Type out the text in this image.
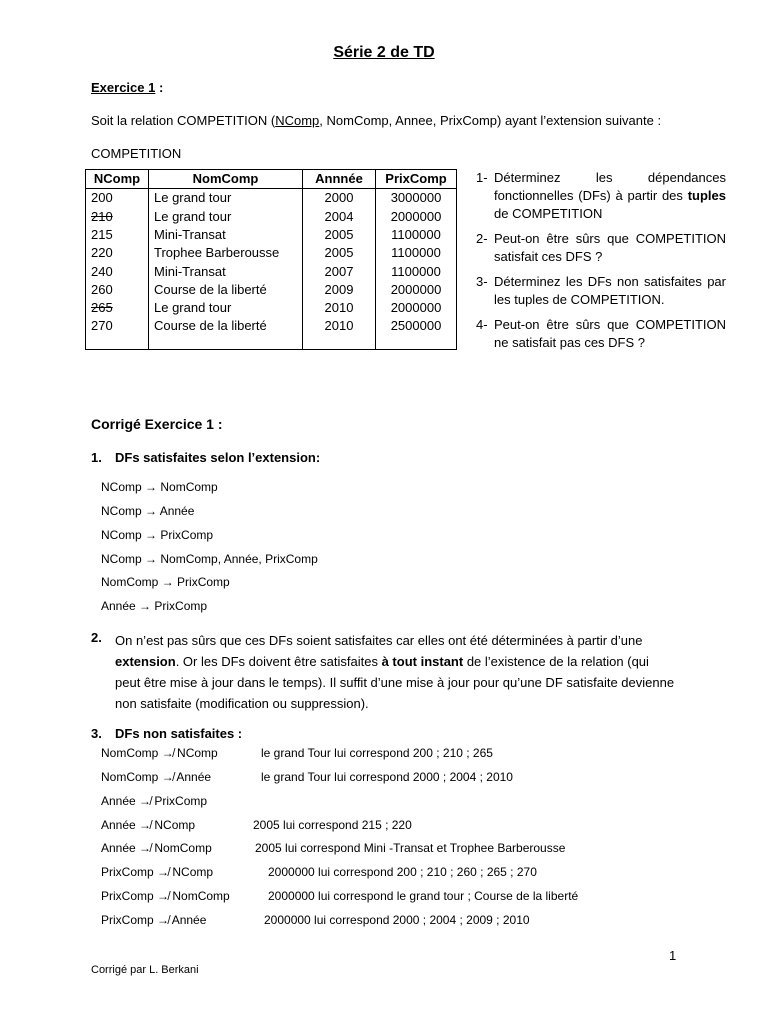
Série 2 de TD
Exercice 1 :
Soit la relation COMPETITION (NComp, NomComp, Annee, PrixComp) ayant l’extension suivante :
COMPETITION
NComp	NomComp	Annnée	PrixComp
200	Le grand tour	2000	3000000
210	Le grand tour	2004	2000000
215	Mini-Transat	2005	1100000
220	Trophee Barberousse	2005	1100000
240	Mini-Transat	2007	1100000
260	Course de la liberté	2009	2000000
265	Le grand tour	2010	2000000
270	Course de la liberté	2010	2500000
1- Déterminez les dépendances fonctionnelles (DFs) à partir des tuples de COMPETITION
2- Peut-on être sûrs que COMPETITION satisfait ces DFS ?
3- Déterminez les DFs non satisfaites par les tuples de COMPETITION.
4- Peut-on être sûrs que COMPETITION ne satisfait pas ces DFS ?
Corrigé Exercice 1 :
1. DFs satisfaites selon l’extension:
NComp → NomComp
NComp → Année
NComp → PrixComp
NComp → NomComp, Année, PrixComp
NomComp → PrixComp
Année → PrixComp
2. On n’est pas sûrs que ces DFs soient satisfaites car elles ont été déterminées à partir d’une extension. Or les DFs doivent être satisfaites à tout instant de l’existence de la relation (qui peut être mise à jour dans le temps). Il suffit d’une mise à jour pour qu’une DF satisfaite devienne non satisfaite (modification ou suppression).
3. DFs non satisfaites :
NomComp ↛ NComp	le grand Tour lui correspond 200 ; 210 ; 265
NomComp ↛ Année	le grand Tour lui correspond 2000 ; 2004 ; 2010
Année ↛ PrixComp
Année ↛ NComp	2005 lui correspond 215 ; 220
Année ↛ NomComp	2005 lui correspond Mini -Transat et Trophee Barberousse
PrixComp ↛ NComp	2000000 lui correspond 200 ; 210 ; 260 ; 265 ; 270
PrixComp ↛ NomComp	2000000 lui correspond le grand tour ; Course de la liberté
PrixComp ↛ Année	2000000 lui correspond 2000 ; 2004 ; 2009 ; 2010
1
Corrigé par L. Berkani
